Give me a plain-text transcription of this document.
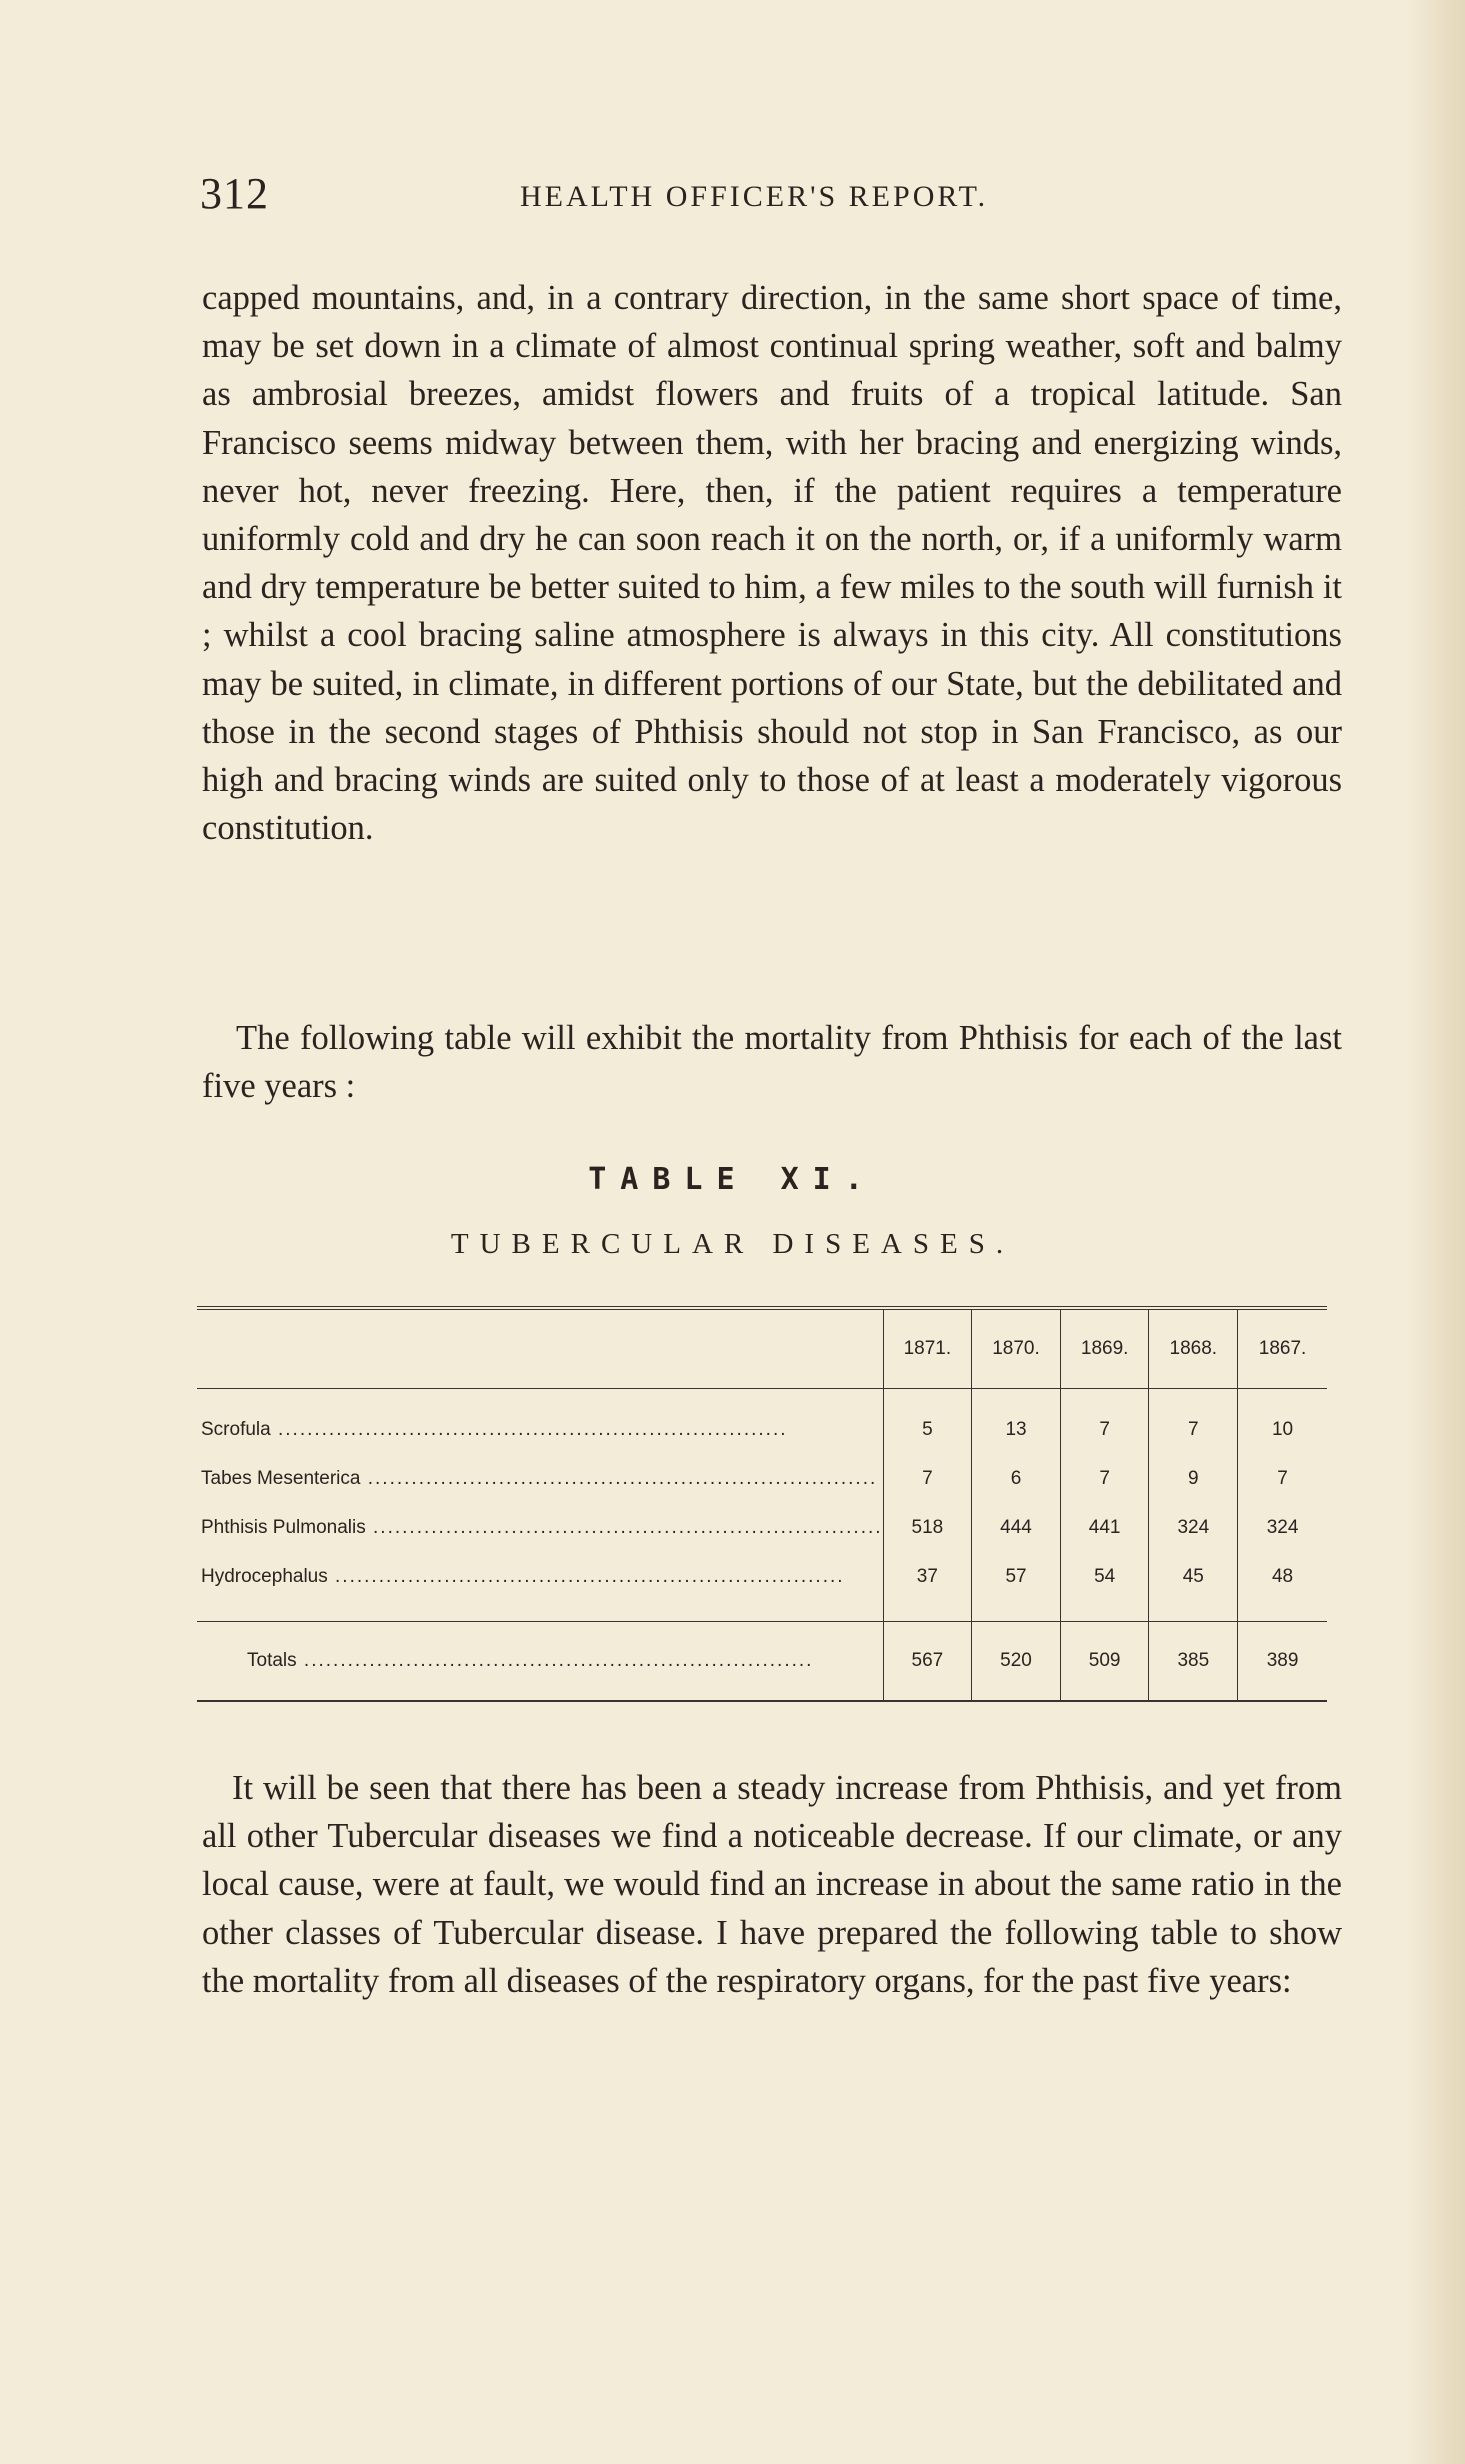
312	HEALTH OFFICER'S REPORT.

capped mountains, and, in a contrary direction, in the same short space of time, may be set down in a climate of almost continual spring weather, soft and balmy as ambrosial breezes, amidst flowers and fruits of a tropical latitude. San Francisco seems midway between them, with her bracing and energizing winds, never hot, never freezing. Here, then, if the patient requires a temperature uniformly cold and dry he can soon reach it on the north, or, if a uniformly warm and dry temperature be better suited to him, a few miles to the south will furnish it ; whilst a cool bracing saline atmosphere is always in this city. All constitutions may be suited, in climate, in different portions of our State, but the debilitated and those in the second stages of Phthisis should not stop in San Francisco, as our high and bracing winds are suited only to those of at least a moderately vigorous constitution.

The following table will exhibit the mortality from Phthisis for each of the last five years :

TABLE XI.
TUBERCULAR DISEASES.
	1871.	1870.	1869.	1868.	1867.
Scrofula .....	5	13	7	7	10
Tabes Mesenterica .....	7	6	7	9	7
Phthisis Pulmonalis .....	518	444	441	324	324
Hydrocephalus .....	37	57	54	45	48
Totals .....	567	520	509	385	389

It will be seen that there has been a steady increase from Phthisis, and yet from all other Tubercular diseases we find a noticeable decrease. If our climate, or any local cause, were at fault, we would find an increase in about the same ratio in the other classes of Tubercular disease. I have prepared the following table to show the mortality from all diseases of the respiratory organs, for the past five years:
